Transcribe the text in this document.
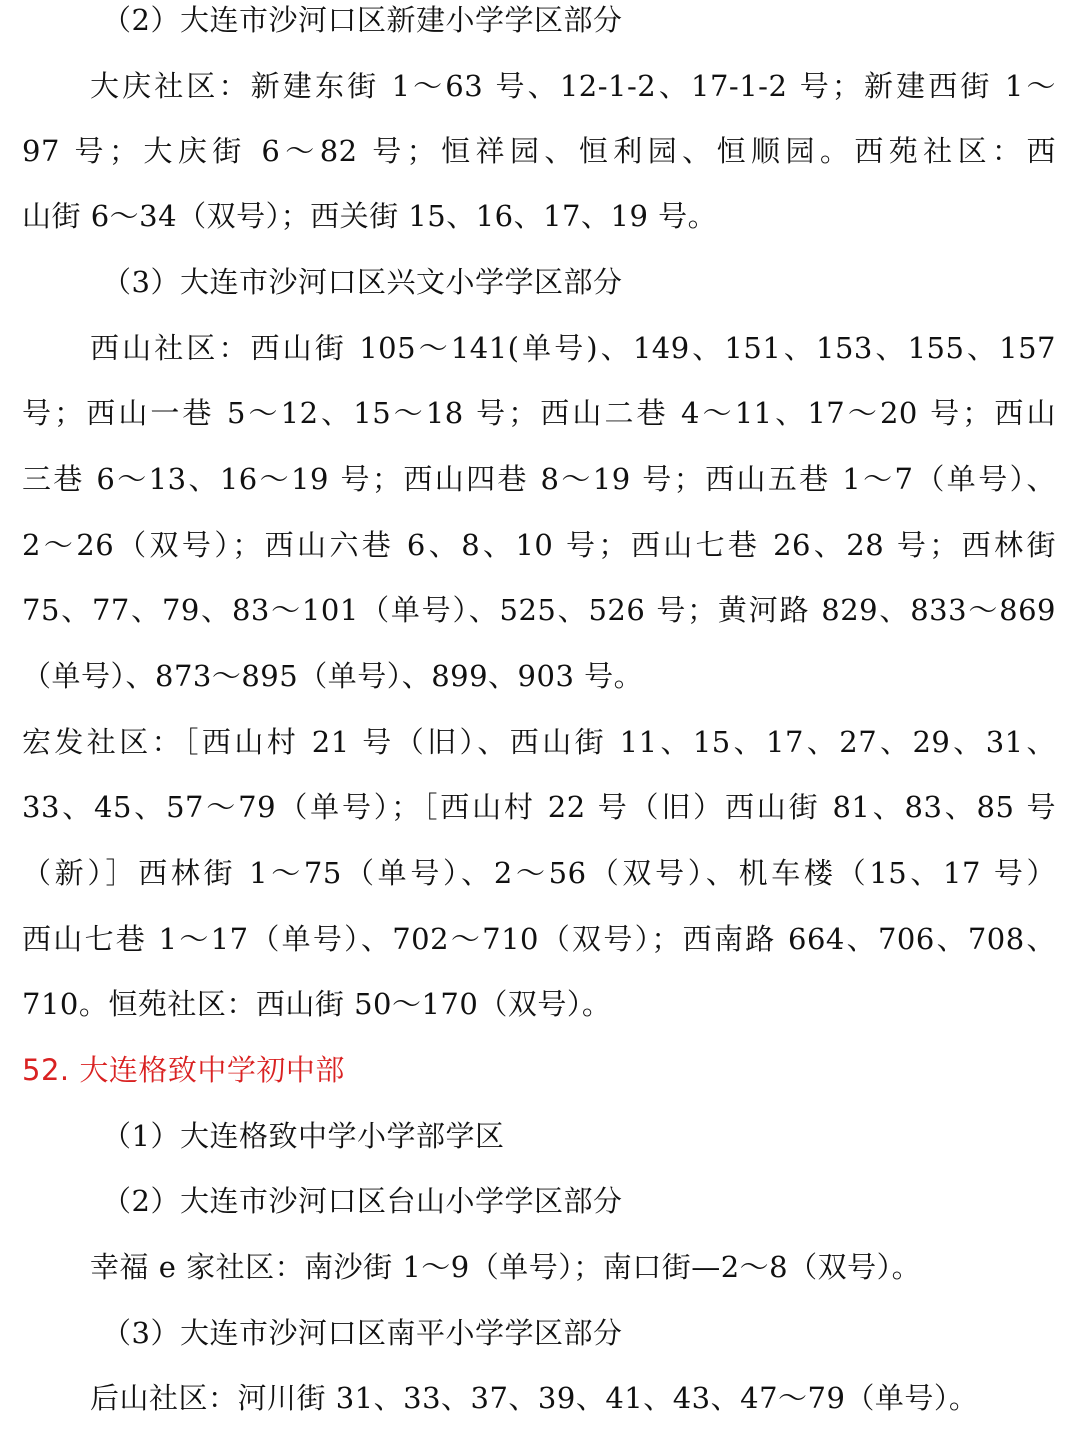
（2）大连市沙河口区新建小学学区部分
大庆社区：新建东街 1～63 号、12-1-2、17-1-2 号；新建西街 1～
97 号；大庆街 6～82 号；恒祥园、恒利园、恒顺园。西苑社区：西
山街 6～34（双号）；西关街 15、16、17、19 号。
（3）大连市沙河口区兴文小学学区部分
西山社区：西山街 105～141(单号)、149、151、153、155、157
号；西山一巷 5～12、15～18 号；西山二巷 4～11、17～20 号；西山
三巷 6～13、16～19 号；西山四巷 8～19 号；西山五巷 1～7（单号）、
2～26（双号）；西山六巷 6、8、10 号；西山七巷 26、28 号；西林街
75、77、79、83～101（单号）、525、526 号；黄河路 829、833～869
（单号）、873～895（单号）、899、903 号。
宏发社区：［西山村 21 号（旧）、西山街 11、15、17、27、29、31、
33、45、57～79（单号）；［西山村 22 号（旧）西山街 81、83、85 号
（新）］西林街 1～75（单号）、2～56（双号）、机车楼（15、17 号）
西山七巷 1～17（单号）、702～710（双号）；西南路 664、706、708、
710。恒苑社区：西山街 50～170（双号）。
52. 大连格致中学初中部
（1）大连格致中学小学部学区
（2）大连市沙河口区台山小学学区部分
幸福 e 家社区：南沙街 1～9（单号）；南口街—2～8（双号）。
（3）大连市沙河口区南平小学学区部分
后山社区：河川街 31、33、37、39、41、43、47～79（单号）。
